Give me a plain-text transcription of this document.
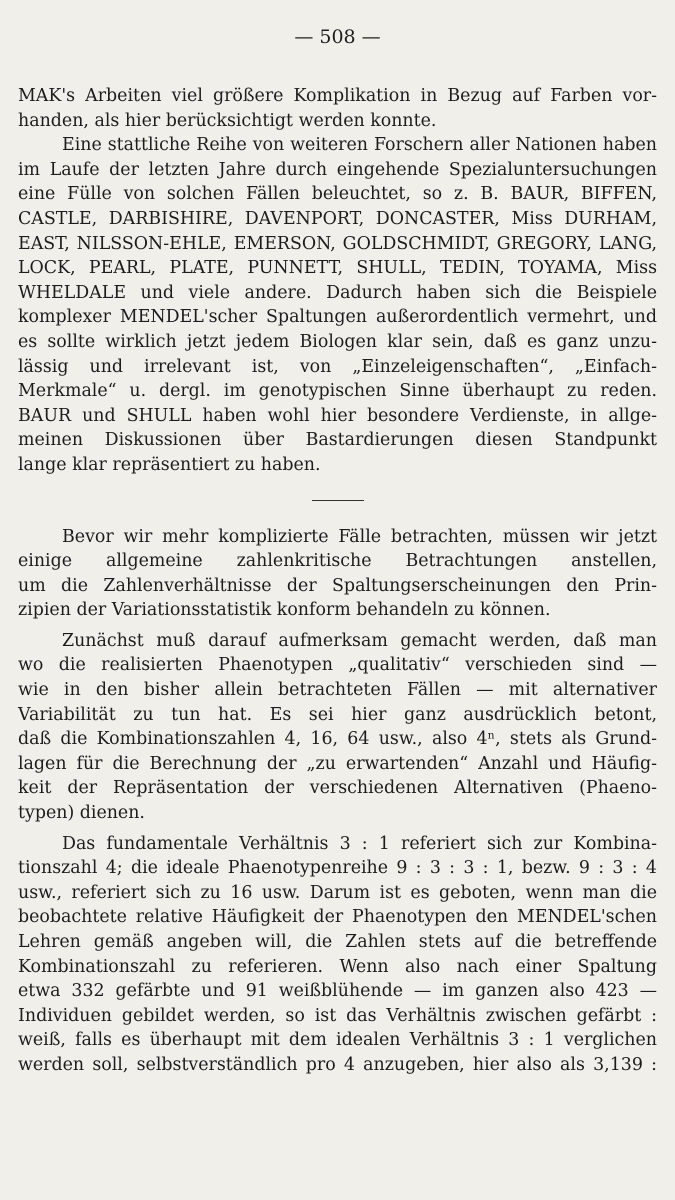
— 508 —
MAK's Arbeiten viel größere Komplikation in Bezug auf Farben vor-
handen, als hier berücksichtigt werden konnte.
Eine stattliche Reihe von weiteren Forschern aller Nationen haben
im Laufe der letzten Jahre durch eingehende Spezialuntersuchungen
eine Fülle von solchen Fällen beleuchtet, so z. B. BAUR, BIFFEN,
CASTLE, DARBISHIRE, DAVENPORT, DONCASTER, Miss DURHAM,
EAST, NILSSON-EHLE, EMERSON, GOLDSCHMIDT, GREGORY, LANG,
LOCK, PEARL, PLATE, PUNNETT, SHULL, TEDIN, TOYAMA, Miss
WHELDALE und viele andere. Dadurch haben sich die Beispiele
komplexer MENDEL'scher Spaltungen außerordentlich vermehrt, und
es sollte wirklich jetzt jedem Biologen klar sein, daß es ganz unzu-
lässig und irrelevant ist, von „Einzeleigenschaften“, „Einfach-
Merkmale“ u. dergl. im genotypischen Sinne überhaupt zu reden.
BAUR und SHULL haben wohl hier besondere Verdienste, in allge-
meinen Diskussionen über Bastardierungen diesen Standpunkt
lange klar repräsentiert zu haben.
Bevor wir mehr komplizierte Fälle betrachten, müssen wir jetzt
einige allgemeine zahlenkritische Betrachtungen anstellen,
um die Zahlenverhältnisse der Spaltungserscheinungen den Prin-
zipien der Variationsstatistik konform behandeln zu können.
Zunächst muß darauf aufmerksam gemacht werden, daß man
wo die realisierten Phaenotypen „qualitativ“ verschieden sind —
wie in den bisher allein betrachteten Fällen — mit alternativer
Variabilität zu tun hat. Es sei hier ganz ausdrücklich betont,
daß die Kombinationszahlen 4, 16, 64 usw., also 4ⁿ, stets als Grund-
lagen für die Berechnung der „zu erwartenden“ Anzahl und Häufig-
keit der Repräsentation der verschiedenen Alternativen (Phaeno-
typen) dienen.
Das fundamentale Verhältnis 3 : 1 referiert sich zur Kombina-
tionszahl 4; die ideale Phaenotypenreihe 9 : 3 : 3 : 1, bezw. 9 : 3 : 4
usw., referiert sich zu 16 usw. Darum ist es geboten, wenn man die
beobachtete relative Häufigkeit der Phaenotypen den MENDEL'schen
Lehren gemäß angeben will, die Zahlen stets auf die betreffende
Kombinationszahl zu referieren. Wenn also nach einer Spaltung
etwa 332 gefärbte und 91 weißblühende — im ganzen also 423 —
Individuen gebildet werden, so ist das Verhältnis zwischen gefärbt :
weiß, falls es überhaupt mit dem idealen Verhältnis 3 : 1 verglichen
werden soll, selbstverständlich pro 4 anzugeben, hier also als 3,139 :
